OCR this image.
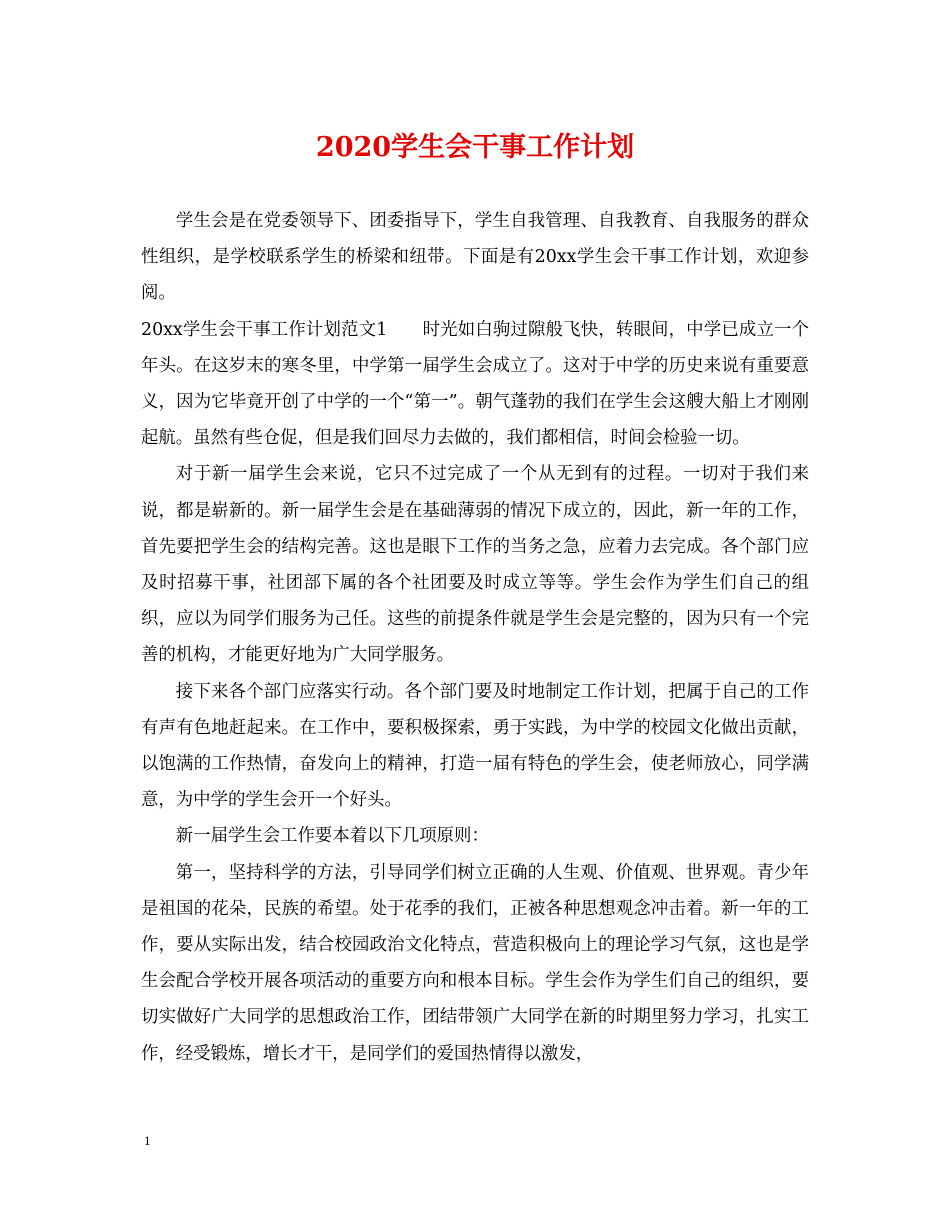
2020学生会干事工作计划

学生会是在党委领导下、团委指导下，学生自我管理、自我教育、自我服务的群众性组织，是学校联系学生的桥梁和纽带。下面是有20xx学生会干事工作计划，欢迎参阅。

20xx学生会干事工作计划范文1　　时光如白驹过隙般飞快，转眼间，中学已成立一个年头。在这岁末的寒冬里，中学第一届学生会成立了。这对于中学的历史来说有重要意义，因为它毕竟开创了中学的一个“第一”。朝气蓬勃的我们在学生会这艘大船上才刚刚起航。虽然有些仓促，但是我们回尽力去做的，我们都相信，时间会检验一切。

对于新一届学生会来说，它只不过完成了一个从无到有的过程。一切对于我们来说，都是崭新的。新一届学生会是在基础薄弱的情况下成立的，因此，新一年的工作，首先要把学生会的结构完善。这也是眼下工作的当务之急，应着力去完成。各个部门应及时招募干事，社团部下属的各个社团要及时成立等等。学生会作为学生们自己的组织，应以为同学们服务为己任。这些的前提条件就是学生会是完整的，因为只有一个完善的机构，才能更好地为广大同学服务。

接下来各个部门应落实行动。各个部门要及时地制定工作计划，把属于自己的工作有声有色地赶起来。在工作中，要积极探索，勇于实践，为中学的校园文化做出贡献，以饱满的工作热情，奋发向上的精神，打造一届有特色的学生会，使老师放心，同学满意，为中学的学生会开一个好头。

新一届学生会工作要本着以下几项原则：

第一，坚持科学的方法，引导同学们树立正确的人生观、价值观、世界观。青少年是祖国的花朵，民族的希望。处于花季的我们，正被各种思想观念冲击着。新一年的工作，要从实际出发，结合校园政治文化特点，营造积极向上的理论学习气氛，这也是学生会配合学校开展各项活动的重要方向和根本目标。学生会作为学生们自己的组织，要切实做好广大同学的思想政治工作，团结带领广大同学在新的时期里努力学习，扎实工作，经受锻炼，增长才干，是同学们的爱国热情得以激发，

1
